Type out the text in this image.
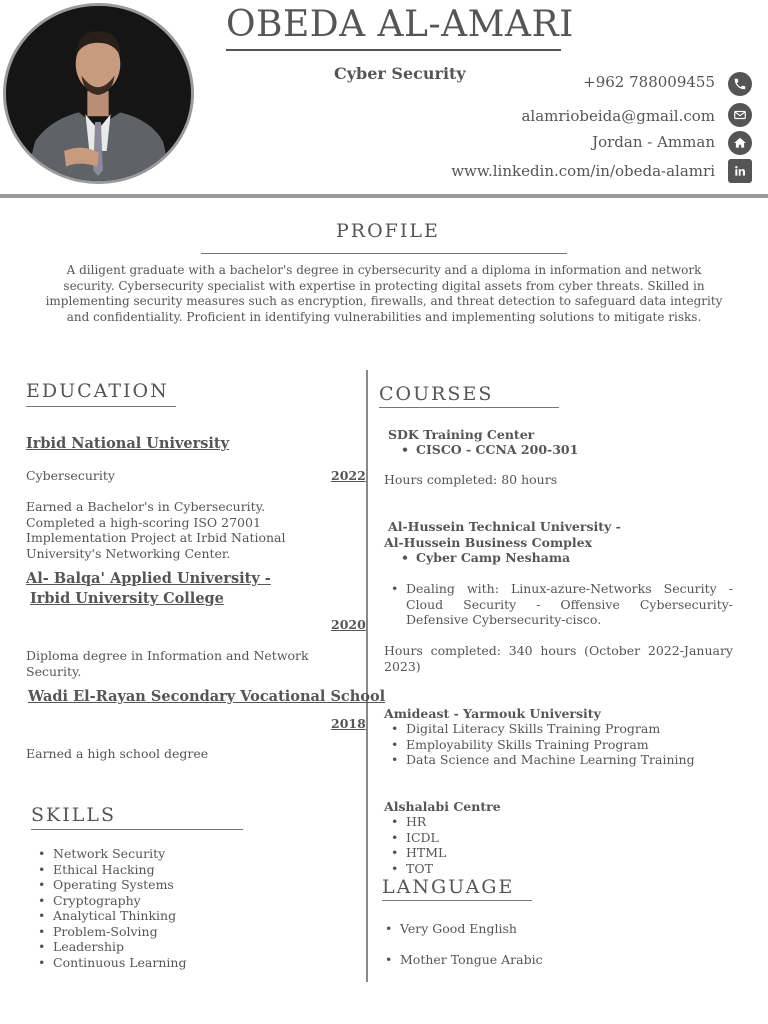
OBEDA AL-AMARI
Cyber Security	+962 788009455
alamriobeida@gmail.com
Jordan - Amman
www.linkedin.com/in/obeda-alamri
PROFILE
A diligent graduate with a bachelor's degree in cybersecurity and a diploma in information and network security. Cybersecurity specialist with expertise in protecting digital assets from cyber threats. Skilled in implementing security measures such as encryption, firewalls, and threat detection to safeguard data integrity and confidentiality. Proficient in identifying vulnerabilities and implementing solutions to mitigate risks.
EDUCATION
Irbid National University
Cybersecurity	2022
Earned a Bachelor's in Cybersecurity. Completed a high-scoring ISO 27001 Implementation Project at Irbid National University's Networking Center.
Al- Balqa' Applied University -
Irbid University College
2020
Diploma degree in Information and Network Security.
Wadi El-Rayan Secondary Vocational School
2018
Earned a high school degree
SKILLS
• Network Security
• Ethical Hacking
• Operating Systems
• Cryptography
• Analytical Thinking
• Problem-Solving
• Leadership
• Continuous Learning
COURSES
SDK Training Center
• CISCO - CCNA 200-301
Hours completed: 80 hours
Al-Hussein Technical University -
Al-Hussein Business Complex
• Cyber Camp Neshama
• Dealing with: Linux-azure-Networks Security - Cloud Security - Offensive Cybersecurity- Defensive Cybersecurity-cisco.
Hours completed: 340 hours (October 2022-January 2023)
Amideast - Yarmouk University
• Digital Literacy Skills Training Program
• Employability Skills Training Program
• Data Science and Machine Learning Training
Alshalabi Centre
• HR
• ICDL
• HTML
• TOT
LANGUAGE
• Very Good English
• Mother Tongue Arabic
